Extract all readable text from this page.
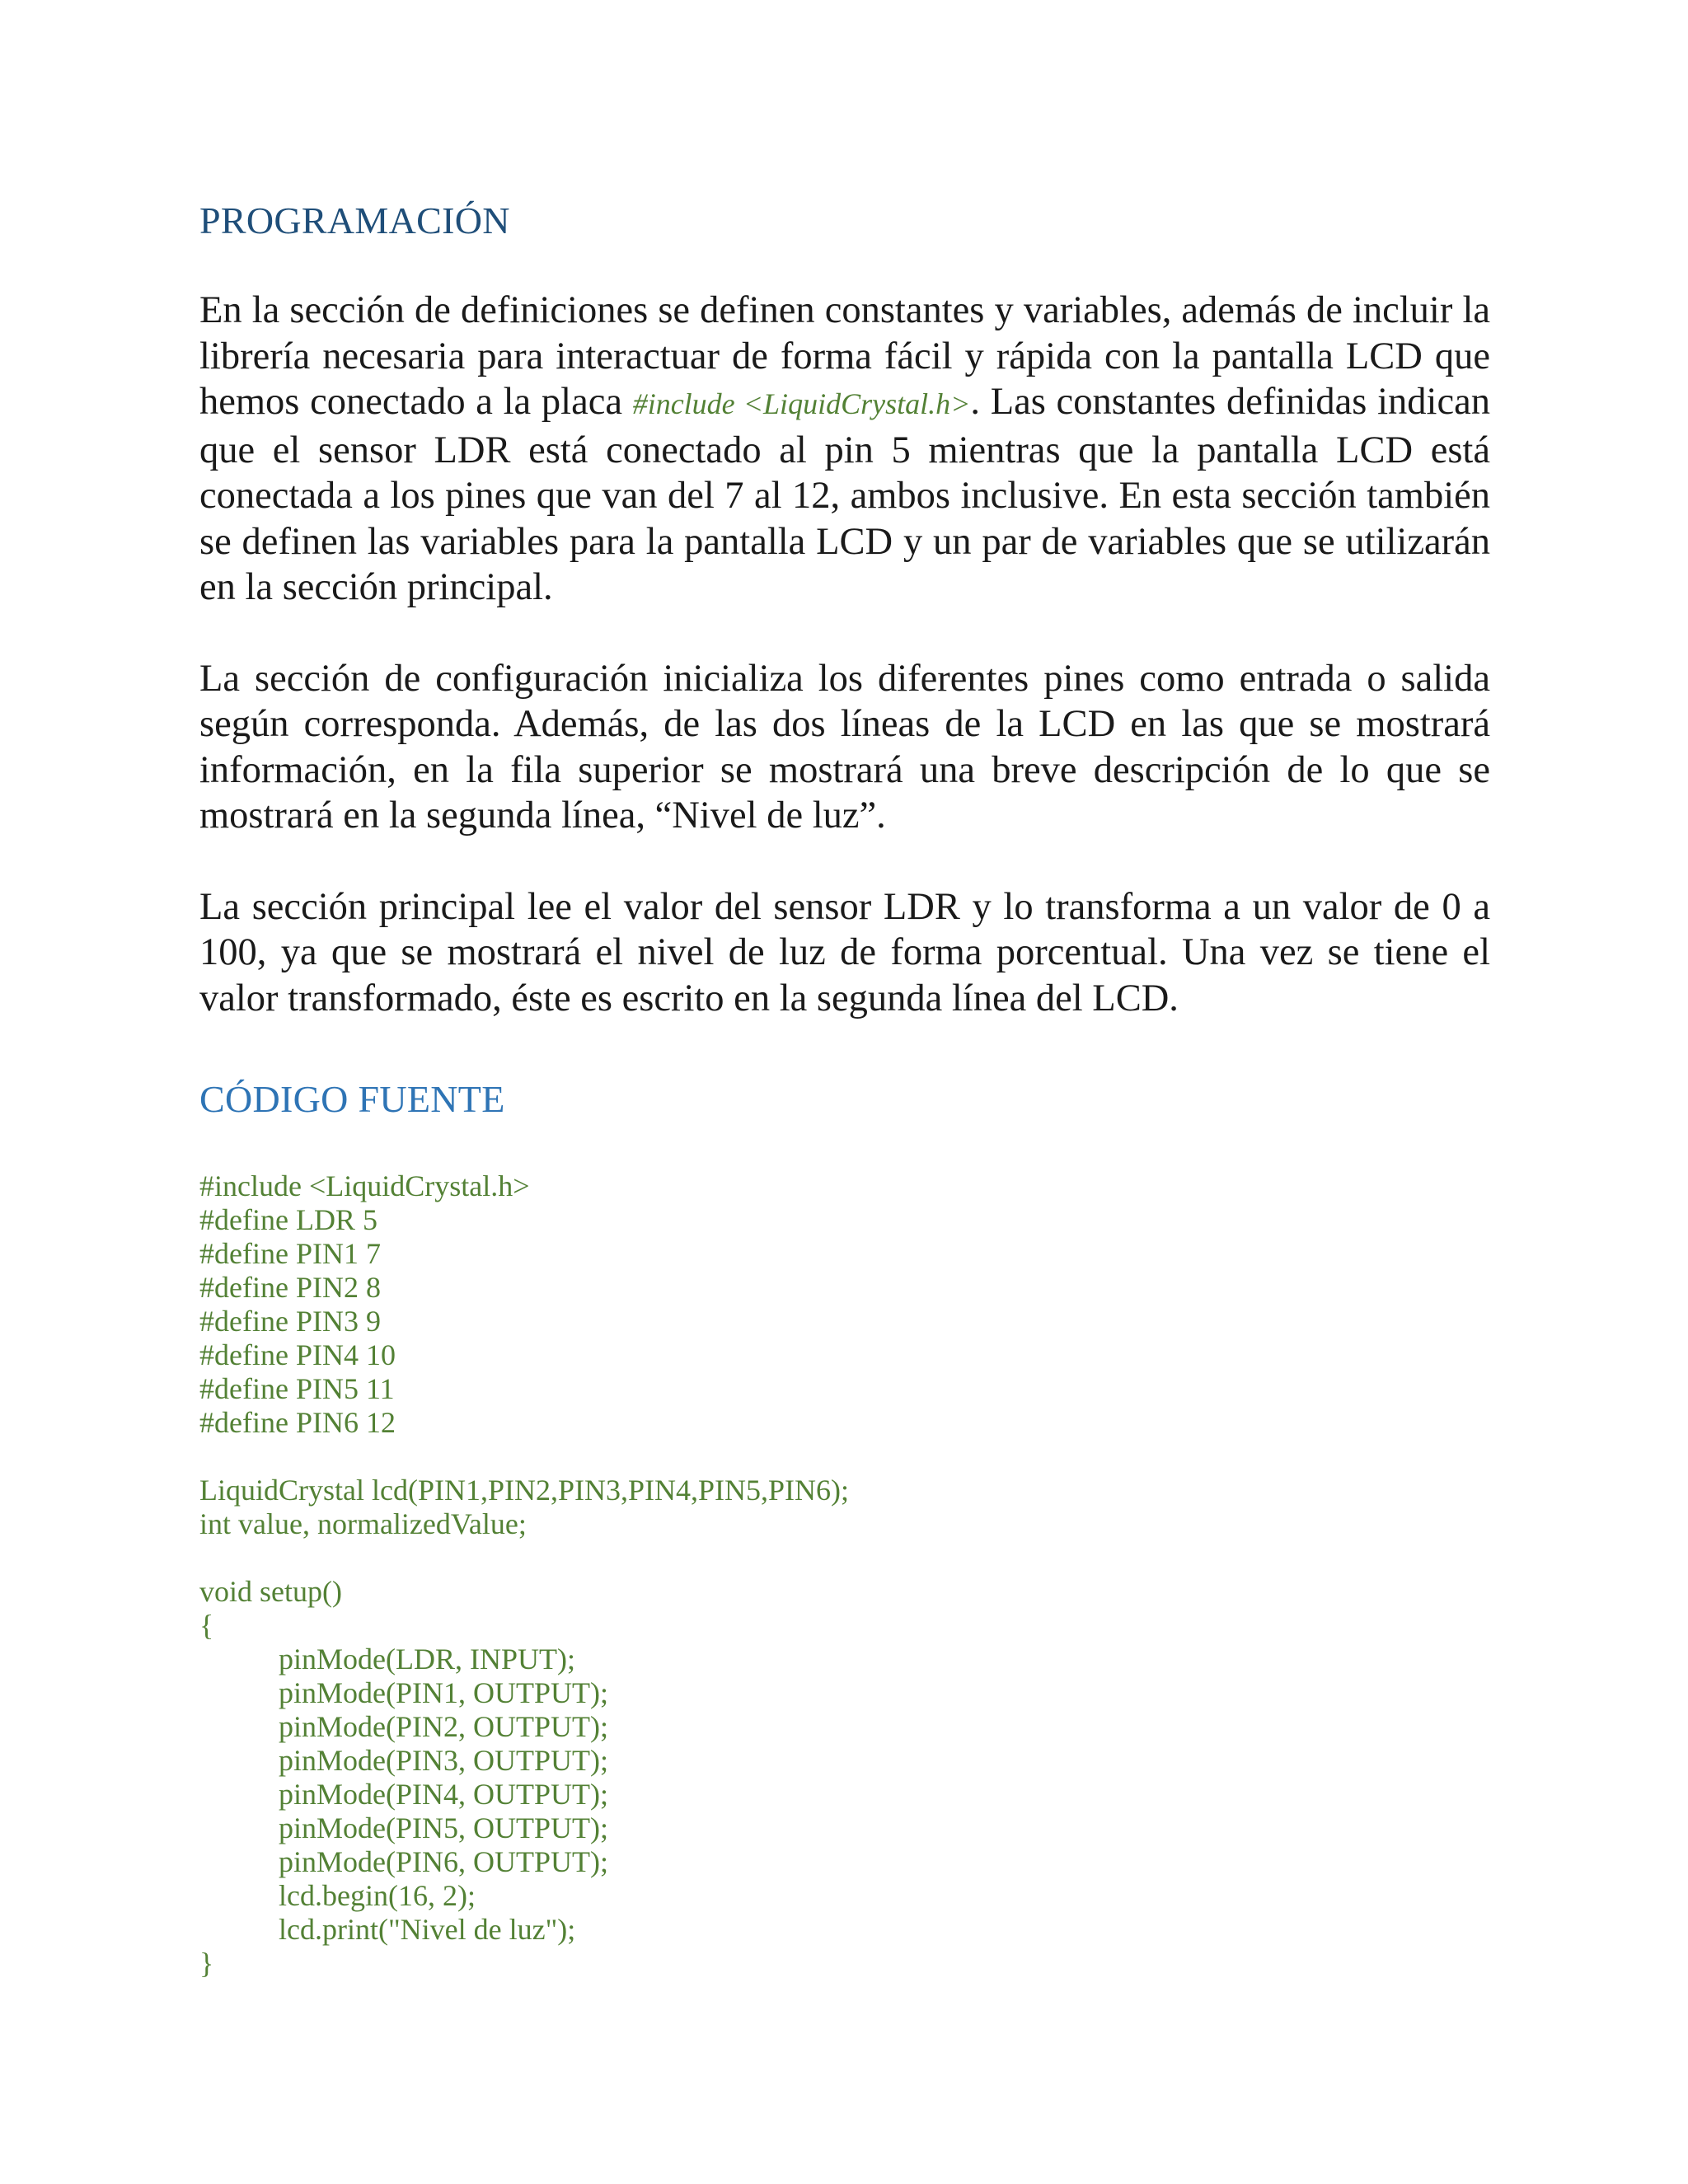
PROGRAMACIÓN

En la sección de definiciones se definen constantes y variables, además de incluir la librería necesaria para interactuar de forma fácil y rápida con la pantalla LCD que hemos conectado a la placa #include <LiquidCrystal.h>. Las constantes definidas indican que el sensor LDR está conectado al pin 5 mientras que la pantalla LCD está conectada a los pines que van del 7 al 12, ambos inclusive. En esta sección también se definen las variables para la pantalla LCD y un par de variables que se utilizarán en la sección principal.

La sección de configuración inicializa los diferentes pines como entrada o salida según corresponda. Además, de las dos líneas de la LCD en las que se mostrará información, en la fila superior se mostrará una breve descripción de lo que se mostrará en la segunda línea, “Nivel de luz”.

La sección principal lee el valor del sensor LDR y lo transforma a un valor de 0 a 100, ya que se mostrará el nivel de luz de forma porcentual. Una vez se tiene el valor transformado, éste es escrito en la segunda línea del LCD.

CÓDIGO FUENTE
#include <LiquidCrystal.h>
#define LDR 5
#define PIN1 7
#define PIN2 8
#define PIN3 9
#define PIN4 10
#define PIN5 11
#define PIN6 12
LiquidCrystal lcd(PIN1,PIN2,PIN3,PIN4,PIN5,PIN6);
int value, normalizedValue;
void setup()
{
pinMode(LDR, INPUT);
pinMode(PIN1, OUTPUT);
pinMode(PIN2, OUTPUT);
pinMode(PIN3, OUTPUT);
pinMode(PIN4, OUTPUT);
pinMode(PIN5, OUTPUT);
pinMode(PIN6, OUTPUT);
lcd.begin(16, 2);
lcd.print("Nivel de luz");
}
